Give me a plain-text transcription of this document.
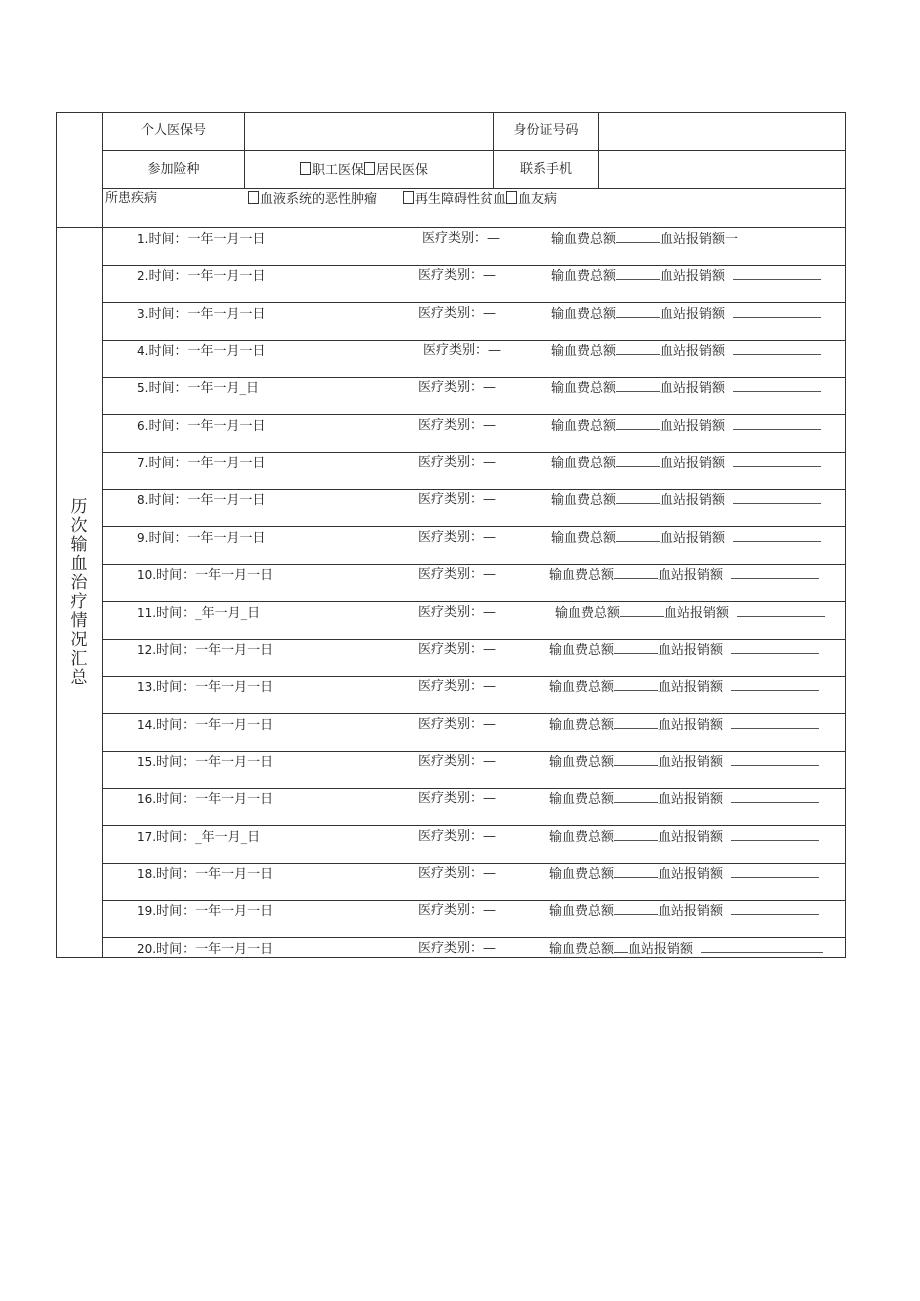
个人医保号	身份证号码
参加险种	职工医保 居民医保	联系手机
所患疾病	血液系统的恶性肿瘤	再生障碍性贫血 血友病
历
次
输
血
治
疗
情
况
汇
总
1.时间：一年一月一日	医疗类别：—	输血费总额	血站报销额一
2.时间：一年一月一日	医疗类别：—	输血费总额	血站报销额
3.时间：一年一月一日	医疗类别：—	输血费总额	血站报销额
4.时间：一年一月一日	医疗类别：—	输血费总额	血站报销额
5.时间：一年一月_日	医疗类别：—	输血费总额	血站报销额
6.时间：一年一月一日	医疗类别：—	输血费总额	血站报销额
7.时间：一年一月一日	医疗类别：—	输血费总额	血站报销额
8.时间：一年一月一日	医疗类别：—	输血费总额	血站报销额
9.时间：一年一月一日	医疗类别：—	输血费总额	血站报销额
10.时间：一年一月一日	医疗类别：—	输血费总额	血站报销额
11.时间：_年一月_日	医疗类别：—	输血费总额	血站报销额
12.时间：一年一月一日	医疗类别：—	输血费总额	血站报销额
13.时间：一年一月一日	医疗类别：—	输血费总额	血站报销额
14.时间：一年一月一日	医疗类别：—	输血费总额	血站报销额
15.时间：一年一月一日	医疗类别：—	输血费总额	血站报销额
16.时间：一年一月一日	医疗类别：—	输血费总额	血站报销额
17.时间：_年一月_日	医疗类别：—	输血费总额	血站报销额
18.时间：一年一月一日	医疗类别：—	输血费总额	血站报销额
19.时间：一年一月一日	医疗类别：—	输血费总额	血站报销额
20.时间：一年一月一日	医疗类别：—	输血费总额 血站报销额
